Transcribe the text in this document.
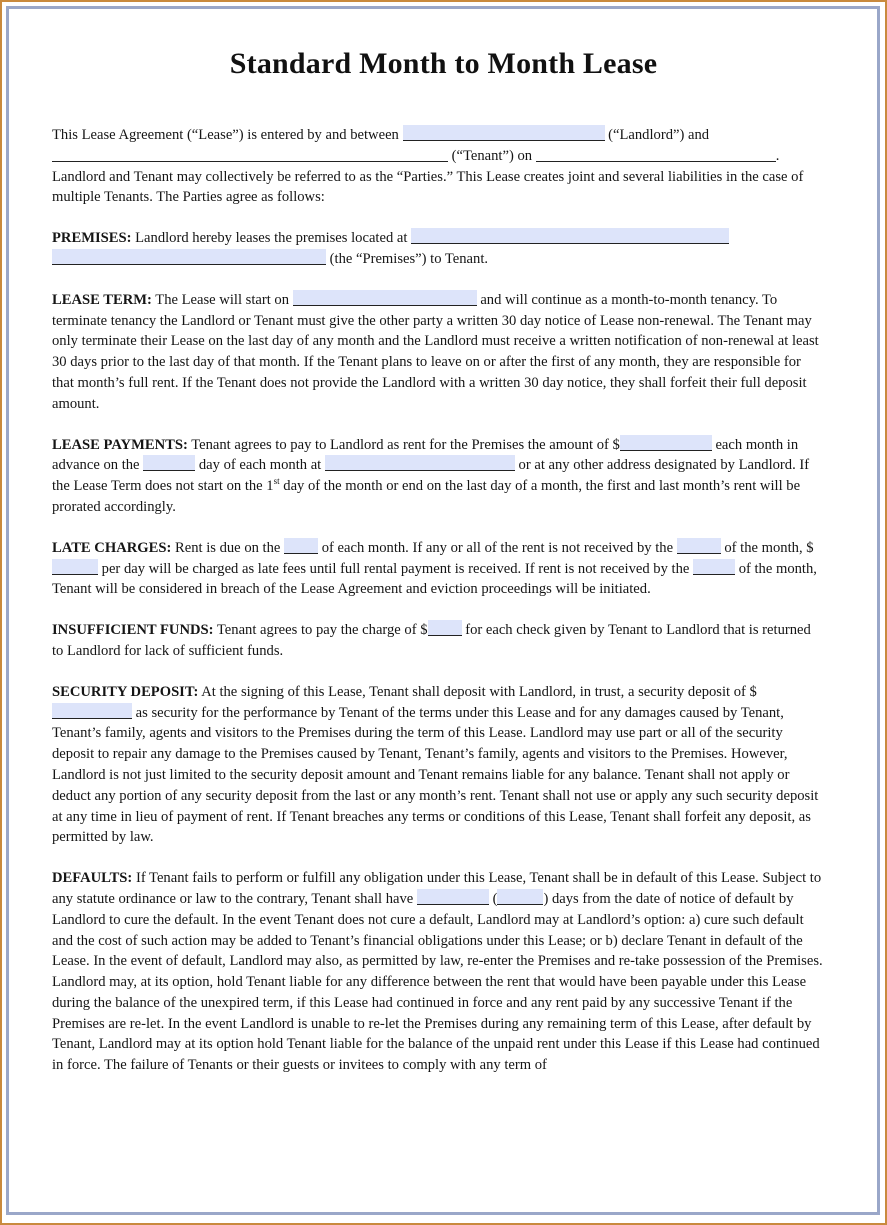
Standard Month to Month Lease

This Lease Agreement (“Lease”) is entered by and between	(“Landlord”) and  (“Tenant”) on	. Landlord and Tenant may collectively be referred to as the “Parties.” This Lease creates joint and several liabilities in the case of multiple Tenants. The Parties agree as follows:

PREMISES: Landlord hereby leases the premises located at   (the “Premises”) to Tenant.

LEASE TERM: The Lease will start on	and will continue as a month-to-month tenancy. To terminate tenancy the Landlord or Tenant must give the other party a written 30 day notice of Lease non-renewal. The Tenant may only terminate their Lease on the last day of any month and the Landlord must receive a written notification of non-renewal at least 30 days prior to the last day of that month. If the Tenant plans to leave on or after the first of any month, they are responsible for that month’s full rent. If the Tenant does not provide the Landlord with a written 30 day notice, they shall forfeit their full deposit amount.

LEASE PAYMENTS: Tenant agrees to pay to Landlord as rent for the Premises the amount of $	each month in advance on the	day of each month at	or at any other address designated by Landlord. If the Lease Term does not start on the 1st day of the month or end on the last day of a month, the first and last month’s rent will be prorated accordingly.

LATE CHARGES: Rent is due on the	of each month. If any or all of the rent is not received by the	of the month, $ per day will be charged as late fees until full rental payment is received. If rent is not received by the	of the month, Tenant will be considered in breach of the Lease Agreement and eviction proceedings will be initiated.

INSUFFICIENT FUNDS: Tenant agrees to pay the charge of $	for each check given by Tenant to Landlord that is returned to Landlord for lack of sufficient funds.

SECURITY DEPOSIT: At the signing of this Lease, Tenant shall deposit with Landlord, in trust, a security deposit of $ as security for the performance by Tenant of the terms under this Lease and for any damages caused by Tenant, Tenant’s family, agents and visitors to the Premises during the term of this Lease. Landlord may use part or all of the security deposit to repair any damage to the Premises caused by Tenant, Tenant’s family, agents and visitors to the Premises. However, Landlord is not just limited to the security deposit amount and Tenant remains liable for any balance. Tenant shall not apply or deduct any portion of any security deposit from the last or any month’s rent. Tenant shall not use or apply any such security deposit at any time in lieu of payment of rent. If Tenant breaches any terms or conditions of this Lease, Tenant shall forfeit any deposit, as permitted by law.

DEFAULTS: If Tenant fails to perform or fulfill any obligation under this Lease, Tenant shall be in default of this Lease. Subject to any statute ordinance or law to the contrary, Tenant shall have	(	) days from the date of notice of default by Landlord to cure the default. In the event Tenant does not cure a default, Landlord may at Landlord’s option: a) cure such default and the cost of such action may be added to Tenant’s financial obligations under this Lease; or b) declare Tenant in default of the Lease. In the event of default, Landlord may also, as permitted by law, re-enter the Premises and re-take possession of the Premises. Landlord may, at its option, hold Tenant liable for any difference between the rent that would have been payable under this Lease during the balance of the unexpired term, if this Lease had continued in force and any rent paid by any successive Tenant if the Premises are re-let. In the event Landlord is unable to re-let the Premises during any remaining term of this Lease, after default by Tenant, Landlord may at its option hold Tenant liable for the balance of the unpaid rent under this Lease if this Lease had continued in force. The failure of Tenants or their guests or invitees to comply with any term of
